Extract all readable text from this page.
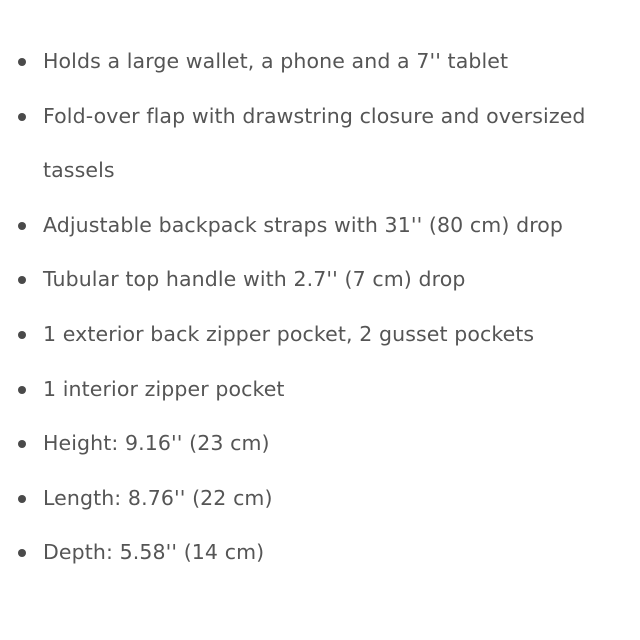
Holds a large wallet, a phone and a 7'' tablet
Fold-over flap with drawstring closure and oversized tassels
Adjustable backpack straps with 31'' (80 cm) drop
Tubular top handle with 2.7'' (7 cm) drop
1 exterior back zipper pocket, 2 gusset pockets
1 interior zipper pocket
Height: 9.16'' (23 cm)
Length: 8.76'' (22 cm)
Depth: 5.58'' (14 cm)
